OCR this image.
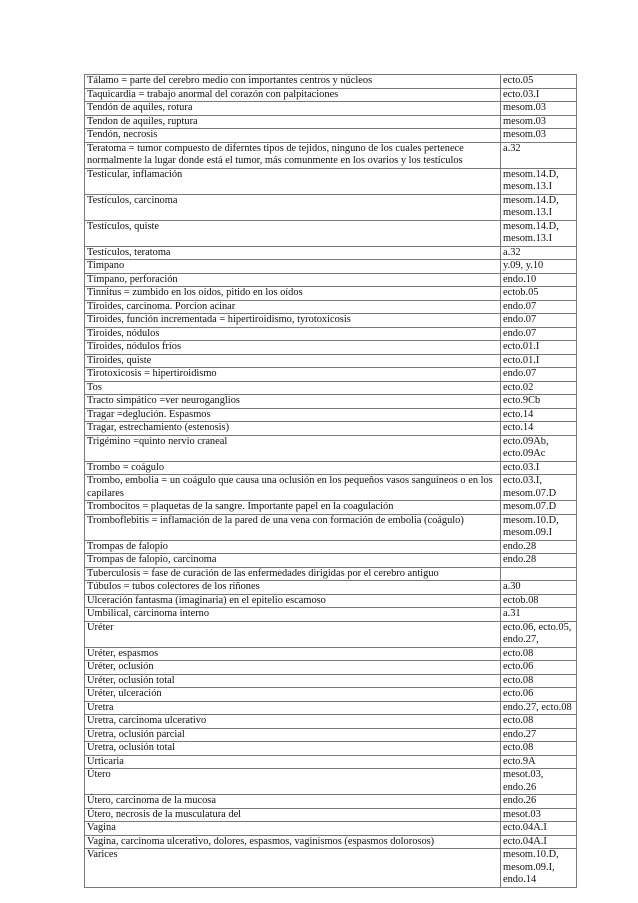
Tálamo = parte del cerebro medio con importantes centros y núcleos	ecto.05
Taquicardia = trabajo anormal del corazón con palpitaciones	ecto.03.I
Tendón de aquiles, rotura	mesom.03
Tendon de aquiles, ruptura	mesom.03
Tendón, necrosis	mesom.03
Teratoma = tumor compuesto de diferntes tipos de tejidos, ninguno de los cuales pertenece normalmente la lugar donde está el tumor, más comunmente en los ovarios y los testículos	a.32
Testicular, inflamación	mesom.14.D, mesom.13.I
Testículos, carcinoma	mesom.14.D, mesom.13.I
Testículos, quiste	mesom.14.D, mesom.13.I
Testículos, teratoma	a.32
Timpano	y.09, y.10
Tímpano, perforación	endo.10
Tinnitus = zumbido en los oídos, pitido en los oídos	ectob.05
Tiroides, carcinoma. Porcion acinar	endo.07
Tiroides, función incrementada = hipertiroidismo, tyrotoxicosis	endo.07
Tiroides, nódulos	endo.07
Tiroides, nódulos fríos	ecto.01.I
Tiroides, quiste	ecto.01.I
Tirotoxicosis = hipertiroidismo	endo.07
Tos	ecto.02
Tracto simpático =ver neuroganglios	ecto.9Cb
Tragar =deglución. Espasmos	ecto.14
Tragar, estrechamiento (estenosis)	ecto.14
Trigémino =quinto nervio craneal	ecto.09Ab, ecto.09Ac
Trombo = coágulo	ecto.03.I
Trombo, embolia = un coágulo que causa una oclusión en los pequeños vasos sanguíneos o en los capilares	ecto.03.I, mesom.07.D
Trombocitos = plaquetas de la sangre. Importante papel en la coagulación	mesom.07.D
Tromboflebitis = inflamación de la pared de una vena con formación de embolia (coágulo)	mesom.10.D, mesom.09.I
Trompas de falopio	endo.28
Trompas de falopio, carcinoma	endo.28
Tuberculosis = fase de curación de las enfermedades dirigidas por el cerebro antiguo	
Túbulos = tubos colectores de los riñones	a.30
Ulceración fantasma (imaginaria) en el epitelio escamoso	ectob.08
Umbilical, carcinoma interno	a.31
Uréter	ecto.06, ecto.05, endo.27,
Uréter, espasmos	ecto.08
Uréter, oclusión	ecto.06
Uréter, oclusión total	ecto.08
Uréter, ulceración	ecto.06
Uretra	endo.27, ecto.08
Uretra, carcinoma ulcerativo	ecto.08
Uretra, oclusión parcial	endo.27
Uretra, oclusión total	ecto.08
Urticaria	ecto.9A
Útero	mesot.03, endo.26
Útero, carcinoma de la mucosa	endo.26
Útero, necrosis de la musculatura del	mesot.03
Vagina	ecto.04A.I
Vagina, carcinoma ulcerativo, dolores, espasmos, vaginismos (espasmos dolorosos)	ecto.04A.I
Varices	mesom.10.D, mesom.09.I, endo.14
